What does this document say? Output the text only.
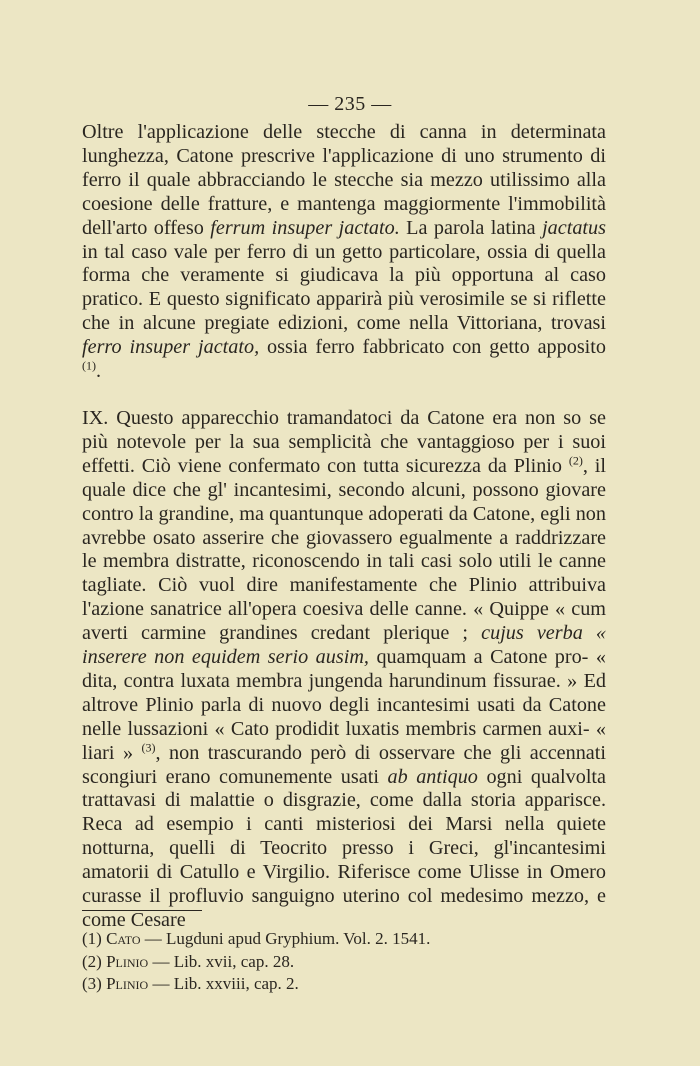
— 235 —

Oltre l'applicazione delle stecche di canna in determinata lunghezza, Catone prescrive l'applicazione di uno strumento di ferro il quale abbracciando le stecche sia mezzo utilissimo alla coesione delle fratture, e mantenga maggiormente l'immobilità dell'arto offeso ferrum insuper jactato. La parola latina jactatus in tal caso vale per ferro di un getto particolare, ossia di quella forma che veramente si giudicava la più opportuna al caso pratico. E questo significato apparirà più verosimile se si riflette che in alcune pregiate edizioni, come nella Vittoriana, trovasi ferro insuper jactato, ossia ferro fabbricato con getto apposito $^{(1)}$.

IX. Questo apparecchio tramandatoci da Catone era non so se più notevole per la sua semplicità che vantaggioso per i suoi effetti. Ciò viene confermato con tutta sicurezza da Plinio $^{(2)}$, il quale dice che gl' incantesimi, secondo alcuni, possono giovare contro la grandine, ma quantunque adoperati da Catone, egli non avrebbe osato asserire che giovassero egualmente a raddrizzare le membra distratte, riconoscendo in tali casi solo utili le canne tagliate. Ciò vuol dire manifestamente che Plinio attribuiva l'azione sanatrice all'opera coesiva delle canne. « Quippe « cum averti carmine grandines credant plerique ; cujus verba « inserere non equidem serio ausim, quamquam a Catone pro- « dita, contra luxata membra jungenda harundinum fissurae. » Ed altrove Plinio parla di nuovo degli incantesimi usati da Catone nelle lussazioni « Cato prodidit luxatis membris carmen auxi- « liari » $^{(3)}$, non trascurando però di osservare che gli accennati scongiuri erano comunemente usati ab antiquo ogni qualvolta trattavasi di malattie o disgrazie, come dalla storia apparisce. Reca ad esempio i canti misteriosi dei Marsi nella quiete notturna, quelli di Teocrito presso i Greci, gl'incantesimi amatorii di Catullo e Virgilio. Riferisce come Ulisse in Omero curasse il profluvio sanguigno uterino col medesimo mezzo, e come Cesare

(1) Cato — Lugduni apud Gryphium. Vol. 2. 1541.
(2) Plinio — Lib. xvii, cap. 28.
(3) Plinio — Lib. xxviii, cap. 2.
